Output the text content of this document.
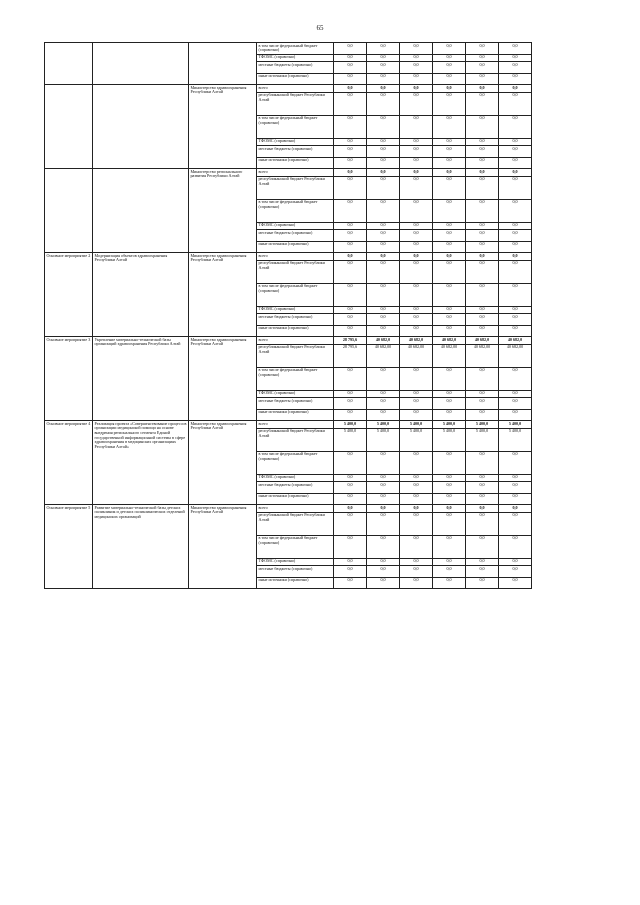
65
			в том числе федеральный бюджет (справочно)	0,0	0,0	0,0	0,0	0,0	0,0
			ТФОМС (справочно)	0,0	0,0	0,0	0,0	0,0	0,0
			местные бюджеты (справочно)	0,0	0,0	0,0	0,0	0,0	0,0
			иные источники (справочно)	0,0	0,0	0,0	0,0	0,0	0,0
		Министерство здравоохранения Республики Алтай	всего	0,0	0,0	0,0	0,0	0,0	0,0
			республиканский бюджет Республики Алтай	0,0	0,0	0,0	0,0	0,0	0,0
			в том числе федеральный бюджет (справочно)	0,0	0,0	0,0	0,0	0,0	0,0
			ТФОМС (справочно)	0,0	0,0	0,0	0,0	0,0	0,0
			местные бюджеты (справочно)	0,0	0,0	0,0	0,0	0,0	0,0
			иные источники (справочно)	0,0	0,0	0,0	0,0	0,0	0,0
		Министерство регионального развития Республики Алтай	всего	0,0	0,0	0,0	0,0	0,0	0,0
			республиканский бюджет Республики Алтай	0,0	0,0	0,0	0,0	0,0	0,0
			в том числе федеральный бюджет (справочно)	0,0	0,0	0,0	0,0	0,0	0,0
			ТФОМС (справочно)	0,0	0,0	0,0	0,0	0,0	0,0
			местные бюджеты (справочно)	0,0	0,0	0,0	0,0	0,0	0,0
			иные источники (справочно)	0,0	0,0	0,0	0,0	0,0	0,0
Основное мероприятие 2	Модернизация объектов здравоохранения Республики Алтай	Министерство здравоохранения Республики Алтай	всего	0,0	0,0	0,0	0,0	0,0	0,0
			республиканский бюджет Республики Алтай	0,0	0,0	0,0	0,0	0,0	0,0
			в том числе федеральный бюджет (справочно)	0,0	0,0	0,0	0,0	0,0	0,0
			ТФОМС (справочно)	0,0	0,0	0,0	0,0	0,0	0,0
			местные бюджеты (справочно)	0,0	0,0	0,0	0,0	0,0	0,0
			иные источники (справочно)	0,0	0,0	0,0	0,0	0,0	0,0
Основное мероприятие 3	Укрепление материально-технической базы организаций здравоохранения Республики Алтай	Министерство здравоохранения Республики Алтай	всего	28 795,6	40 682,0	40 682,0	40 682,0	40 682,0	40 682,0
			республиканский бюджет Республики Алтай	28 795,6	40 682,00	40 682,00	40 682,00	40 682,00	40 682,00
			в том числе федеральный бюджет (справочно)	0,0	0,0	0,0	0,0	0,0	0,0
			ТФОМС (справочно)	0,0	0,0	0,0	0,0	0,0	0,0
			местные бюджеты (справочно)	0,0	0,0	0,0	0,0	0,0	0,0
			иные источники (справочно)	0,0	0,0	0,0	0,0	0,0	0,0
Основное мероприятие 4	Реализация проекта «Совершенствование процессов организации медицинской помощи на основе внедрения регионального сегмента Единой государственной информационной системы в сфере здравоохранения в медицинских организациях Республики Алтай»	Министерство здравоохранения Республики Алтай	всего	5 400,0	5 400,0	5 400,0	5 400,0	5 400,0	5 400,0
			республиканский бюджет Республики Алтай	5 400,0	5 400,0	5 400,0	5 400,0	5 400,0	5 400,0
			в том числе федеральный бюджет (справочно)	0,0	0,0	0,0	0,0	0,0	0,0
			ТФОМС (справочно)	0,0	0,0	0,0	0,0	0,0	0,0
			местные бюджеты (справочно)	0,0	0,0	0,0	0,0	0,0	0,0
			иные источники (справочно)	0,0	0,0	0,0	0,0	0,0	0,0
Основное мероприятие 5	Развитие материально-технической базы детских поликлиник и детских поликлинических отделений медицинских организаций	Министерство здравоохранения Республики Алтай	всего	0,0	0,0	0,0	0,0	0,0	0,0
			республиканский бюджет Республики Алтай	0,0	0,0	0,0	0,0	0,0	0,0
			в том числе федеральный бюджет (справочно)	0,0	0,0	0,0	0,0	0,0	0,0
			ТФОМС (справочно)	0,0	0,0	0,0	0,0	0,0	0,0
			местные бюджеты (справочно)	0,0	0,0	0,0	0,0	0,0	0,0
			иные источники (справочно)	0,0	0,0	0,0	0,0	0,0	0,0
